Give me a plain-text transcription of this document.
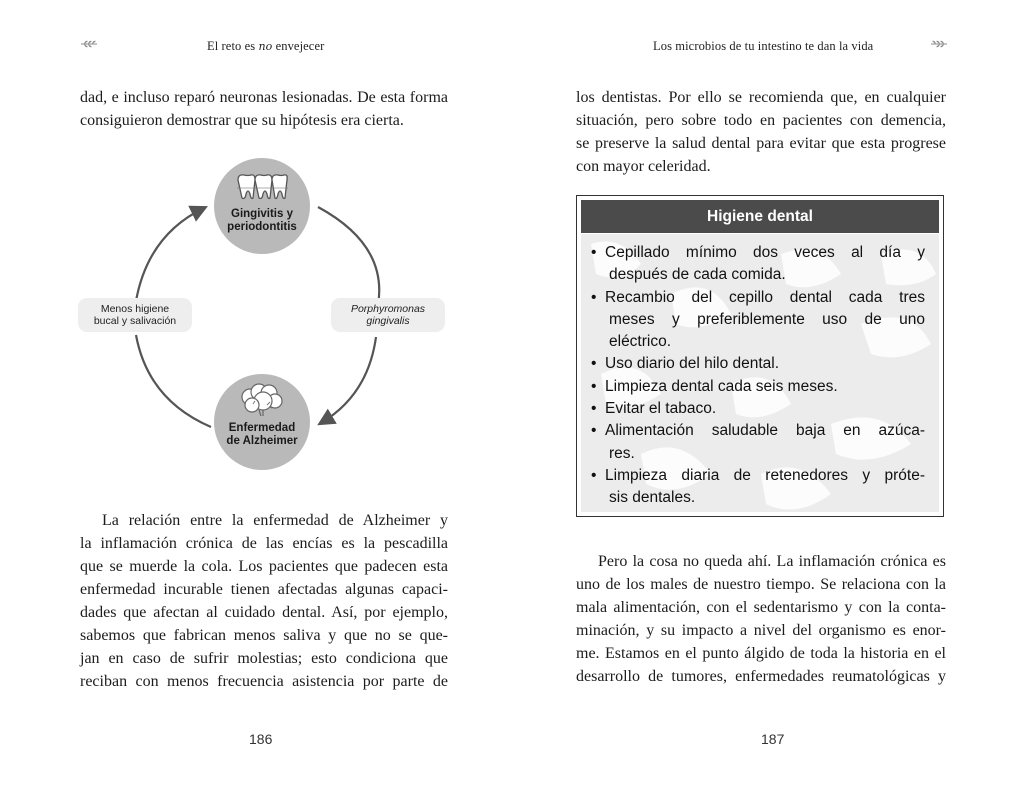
El reto es no envejecer
dad, e incluso reparó neuronas lesionadas. De esta forma
consiguieron demostrar que su hipótesis era cierta.
Gingivitis y
periodontitis
Enfermedad
de Alzheimer
Menos higiene
bucal y salivación
Porphyromonas
gingivalis
La relación entre la enfermedad de Alzheimer y
la inflamación crónica de las encías es la pescadilla
que se muerde la cola. Los pacientes que padecen esta
enfermedad incurable tienen afectadas algunas capaci-
dades que afectan al cuidado dental. Así, por ejemplo,
sabemos que fabrican menos saliva y que no se que-
jan en caso de sufrir molestias; esto condiciona que
reciban con menos frecuencia asistencia por parte de
186
Los microbios de tu intestino te dan la vida
los dentistas. Por ello se recomienda que, en cualquier
situación, pero sobre todo en pacientes con demencia,
se preserve la salud dental para evitar que esta progrese
con mayor celeridad.
Higiene dental
• Cepillado mínimo dos veces al día y
después de cada comida.
• Recambio del cepillo dental cada tres
meses y preferiblemente uso de uno
eléctrico.
• Uso diario del hilo dental.
• Limpieza dental cada seis meses.
• Evitar el tabaco.
• Alimentación saludable baja en azúca-
res.
• Limpieza diaria de retenedores y próte-
sis dentales.
Pero la cosa no queda ahí. La inflamación crónica es
uno de los males de nuestro tiempo. Se relaciona con la
mala alimentación, con el sedentarismo y con la conta-
minación, y su impacto a nivel del organismo es enor-
me. Estamos en el punto álgido de toda la historia en el
desarrollo de tumores, enfermedades reumatológicas y
187
